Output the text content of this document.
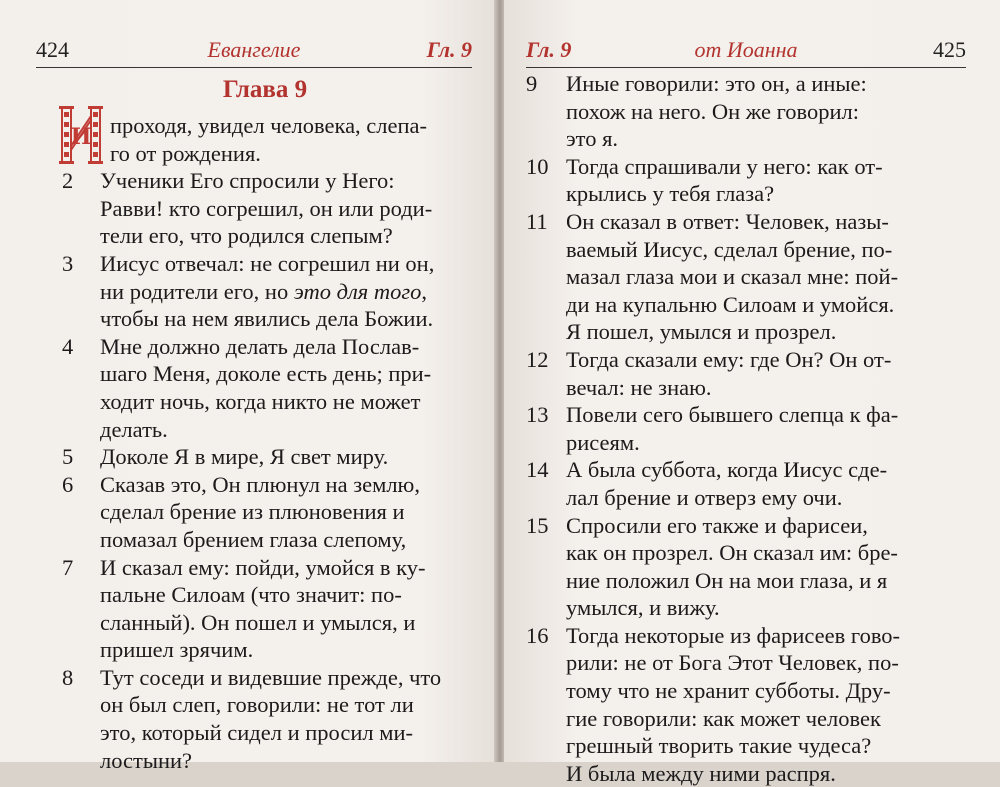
424	Евангелие	Гл. 9
Глава 9
И проходя, увидел человека, слепа-
го от рождения.
2 Ученики Его спросили у Него:
Равви! кто согрешил, он или роди-
тели его, что родился слепым?
3 Иисус отвечал: не согрешил ни он,
ни родители его, но это для того,
чтобы на нем явились дела Божии.
4 Мне должно делать дела Послав-
шаго Меня, доколе есть день; при-
ходит ночь, когда никто не может
делать.
5 Доколе Я в мире, Я свет миру.
6 Сказав это, Он плюнул на землю,
сделал брение из плюновения и
помазал брением глаза слепому,
7 И сказал ему: пойди, умойся в ку-
пальне Силоам (что значит: по-
сланный). Он пошел и умылся, и
пришел зрячим.
8 Тут соседи и видевшие прежде, что
он был слеп, говорили: не тот ли
это, который сидел и просил ми-
лостыни?
Гл. 9	от Иоанна	425
9 Иные говорили: это он, а иные:
похож на него. Он же говорил:
это я.
10 Тогда спрашивали у него: как от-
крылись у тебя глаза?
11 Он сказал в ответ: Человек, назы-
ваемый Иисус, сделал брение, по-
мазал глаза мои и сказал мне: пой-
ди на купальню Силоам и умойся.
Я пошел, умылся и прозрел.
12 Тогда сказали ему: где Он? Он от-
вечал: не знаю.
13 Повели сего бывшего слепца к фа-
рисеям.
14 А была суббота, когда Иисус сде-
лал брение и отверз ему очи.
15 Спросили его также и фарисеи,
как он прозрел. Он сказал им: бре-
ние положил Он на мои глаза, и я
умылся, и вижу.
16 Тогда некоторые из фарисеев гово-
рили: не от Бога Этот Человек, по-
тому что не хранит субботы. Дру-
гие говорили: как может человек
грешный творить такие чудеса?
И была между ними распря.
